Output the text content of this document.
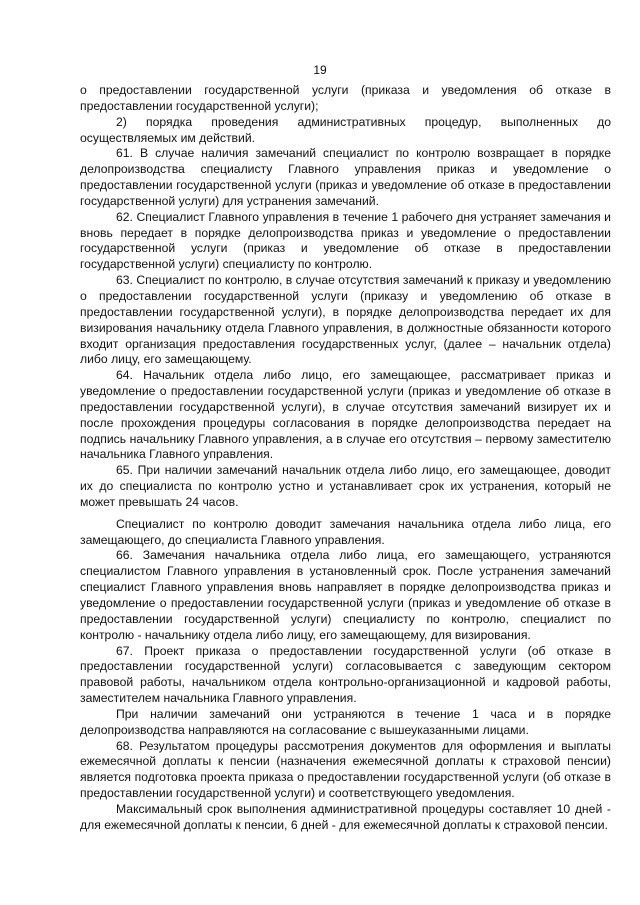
19

о предоставлении государственной услуги (приказа и уведомления об отказе в предоставлении государственной услуги);

2) порядка проведения административных процедур, выполненных до осуществляемых им действий.

61. В случае наличия замечаний специалист по контролю возвращает в порядке делопроизводства специалисту Главного управления приказ и уведомление о предоставлении государственной услуги (приказ и уведомление об отказе в предоставлении государственной услуги) для устранения замечаний.

62. Специалист Главного управления в течение 1 рабочего дня устраняет замечания и вновь передает в порядке делопроизводства приказ и уведомление о предоставлении государственной услуги (приказ и уведомление об отказе в предоставлении государственной услуги) специалисту по контролю.

63. Специалист по контролю, в случае отсутствия замечаний к приказу и уведомлению о предоставлении государственной услуги (приказу и уведомлению об отказе в предоставлении государственной услуги), в порядке делопроизводства передает их для визирования начальнику отдела Главного управления, в должностные обязанности которого входит организация предоставления государственных услуг, (далее – начальник отдела) либо лицу, его замещающему.

64. Начальник отдела либо лицо, его замещающее, рассматривает приказ и уведомление о предоставлении государственной услуги (приказ и уведомление об отказе в предоставлении государственной услуги), в случае отсутствия замечаний визирует их и после прохождения процедуры согласования в порядке делопроизводства передает на подпись начальнику Главного управления, а в случае его отсутствия – первому заместителю начальника Главного управления.

65. При наличии замечаний начальник отдела либо лицо, его замещающее, доводит их до специалиста по контролю устно и устанавливает срок их устранения, который не может превышать 24 часов.

Специалист по контролю доводит замечания начальника отдела либо лица, его замещающего, до специалиста Главного управления.

66. Замечания начальника отдела либо лица, его замещающего, устраняются специалистом Главного управления в установленный срок. После устранения замечаний специалист Главного управления вновь направляет в порядке делопроизводства приказ и уведомление о предоставлении государственной услуги (приказ и уведомление об отказе в предоставлении государственной услуги) специалисту по контролю, специалист по контролю - начальнику отдела либо лицу, его замещающему, для визирования.

67. Проект приказа о предоставлении государственной услуги (об отказе в предоставлении государственной услуги) согласовывается с заведующим сектором правовой работы, начальником отдела контрольно-организационной и кадровой работы, заместителем начальника Главного управления.

При наличии замечаний они устраняются в течение 1 часа и в порядке делопроизводства направляются на согласование с вышеуказанными лицами.

68. Результатом процедуры рассмотрения документов для оформления и выплаты ежемесячной доплаты к пенсии (назначения ежемесячной доплаты к страховой пенсии) является подготовка проекта приказа о предоставлении государственной услуги (об отказе в предоставлении государственной услуги) и соответствующего уведомления.

Максимальный срок выполнения административной процедуры составляет 10 дней - для ежемесячной доплаты к пенсии, 6 дней - для ежемесячной доплаты к страховой пенсии.
